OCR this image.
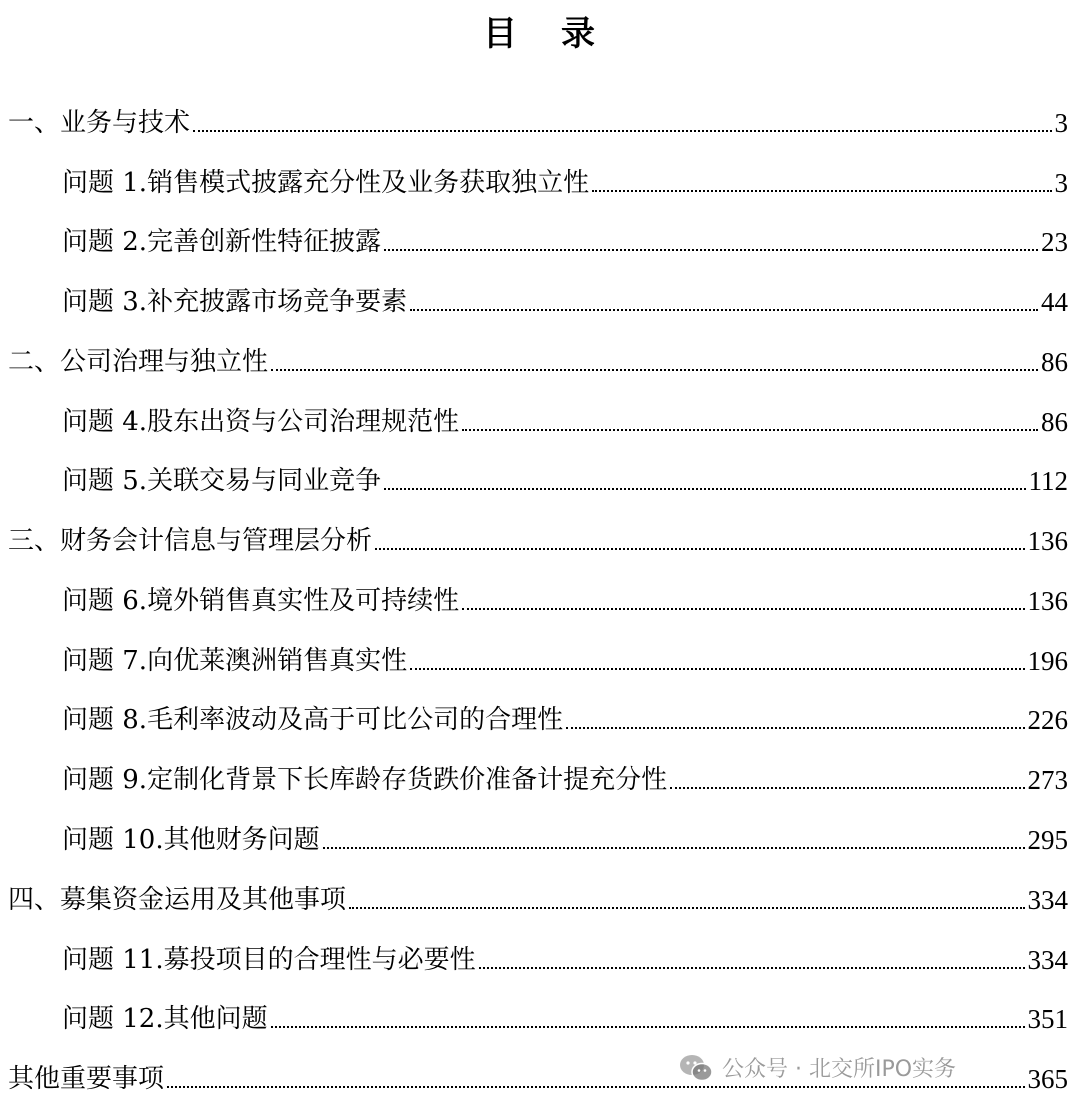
目 录
一、业务与技术	3
问题 1.销售模式披露充分性及业务获取独立性	3
问题 2.完善创新性特征披露	23
问题 3.补充披露市场竞争要素	44
二、公司治理与独立性	86
问题 4.股东出资与公司治理规范性	86
问题 5.关联交易与同业竞争	112
三、财务会计信息与管理层分析	136
问题 6.境外销售真实性及可持续性	136
问题 7.向优莱澳洲销售真实性	196
问题 8.毛利率波动及高于可比公司的合理性	226
问题 9.定制化背景下长库龄存货跌价准备计提充分性	273
问题 10.其他财务问题	295
四、募集资金运用及其他事项	334
问题 11.募投项目的合理性与必要性	334
问题 12.其他问题	351
其他重要事项	365
公众号 · 北交所IPO实务
